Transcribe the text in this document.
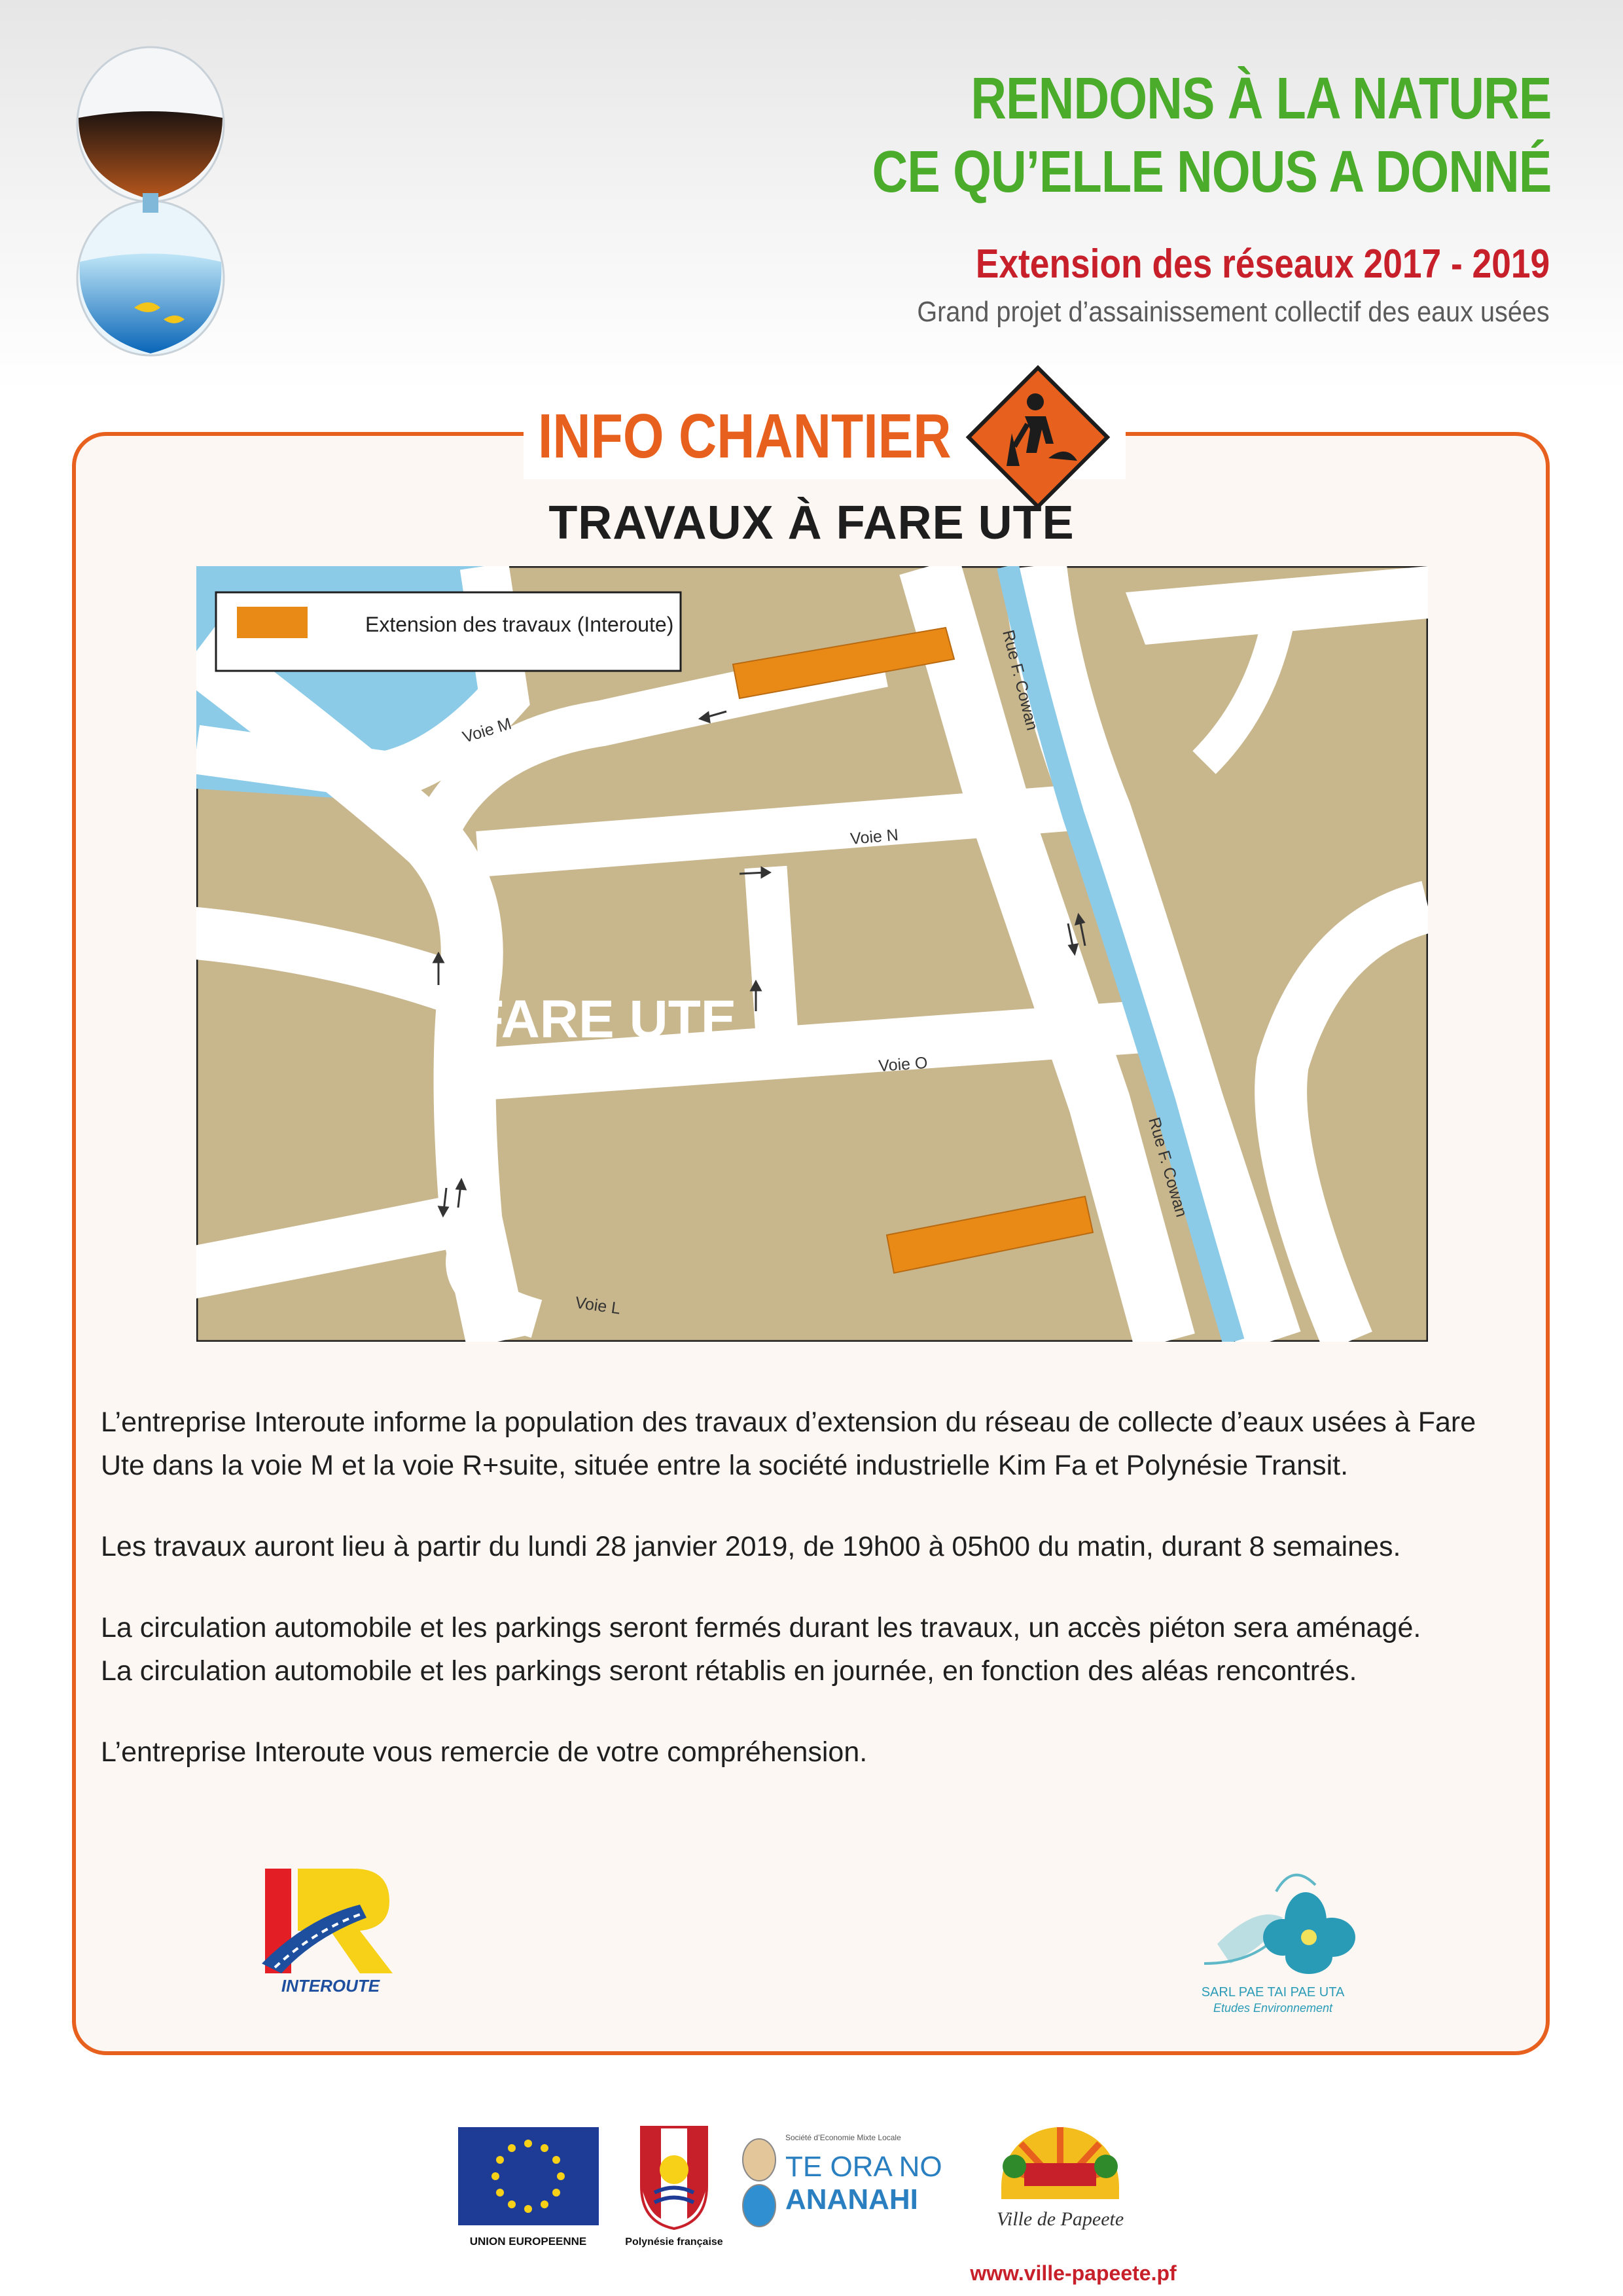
RENDONS À LA NATURE
CE QU’ELLE NOUS A DONNÉ
Extension des réseaux 2017 - 2019
Grand projet d’assainissement collectif des eaux usées
INFO CHANTIER
TRAVAUX À FARE UTE
Extension des travaux (Interoute)
Voie M
Voie N
Voie O
Voie L
Rue F. Cowan
Rue F. Cowan
FARE UTE

L’entreprise Interoute informe la population des travaux d’extension du réseau de collecte d’eaux usées à Fare Ute dans la voie M et la voie R+suite, située entre la société industrielle Kim Fa et Polynésie Transit.

Les travaux auront lieu à partir du lundi 28 janvier 2019, de 19h00 à 05h00 du matin, durant 8 semaines.

La circulation automobile et les parkings seront fermés durant les travaux, un accès piéton sera aménagé.
La circulation automobile et les parkings seront rétablis en journée, en fonction des aléas rencontrés.

L’entreprise Interoute vous remercie de votre compréhension.

INTEROUTE	SARL PAE TAI PAE UTA
Etudes Environnement
UNION EUROPEENNE	Polynésie française
Société d’Economie Mixte Locale
TE ORA NO
ANANAHI
Ville de Papeete
www.ville-papeete.pf
